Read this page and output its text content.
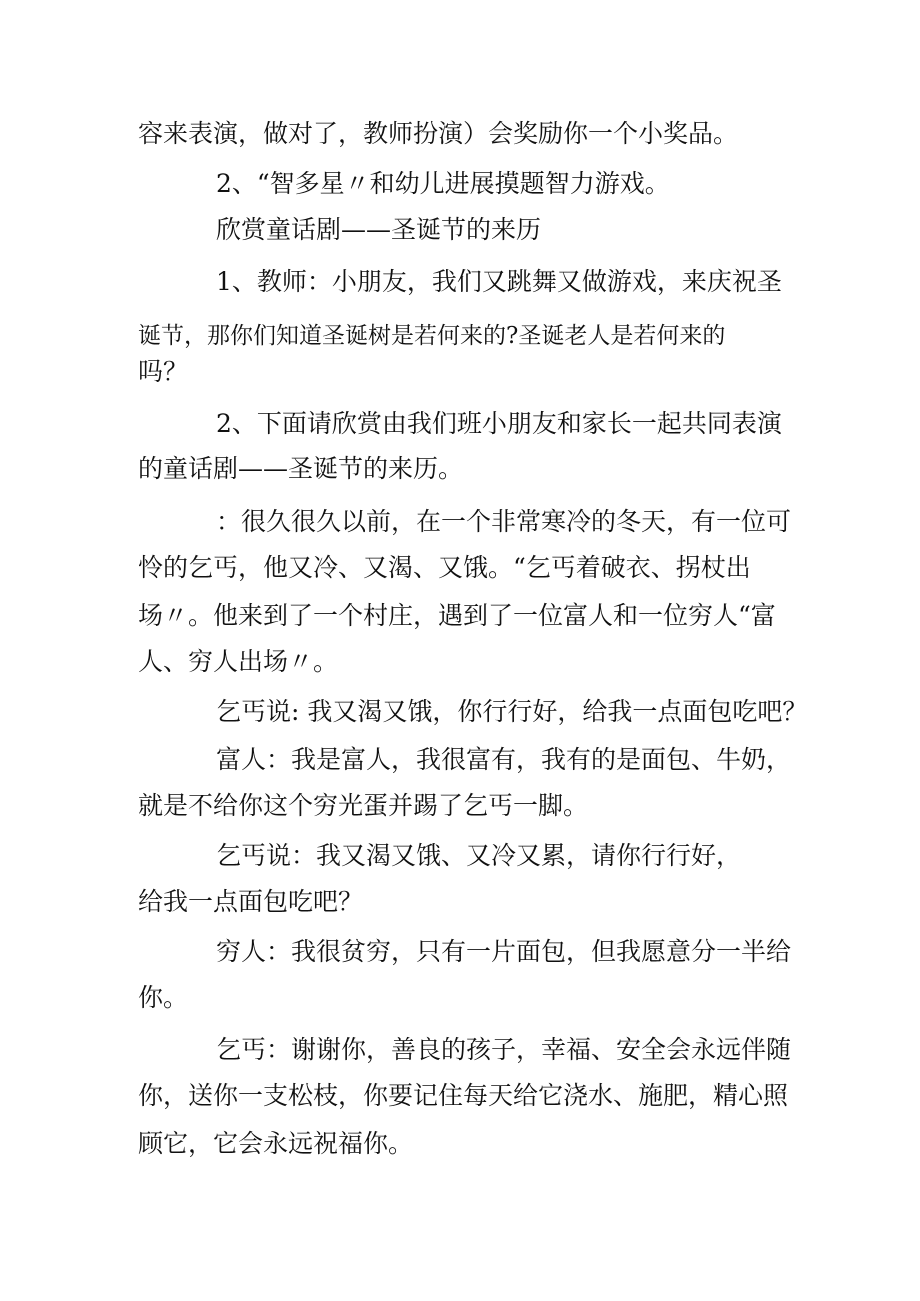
容来表演，做对了，教师扮演）会奖励你一个小奖品。
2、“智多星〃和幼儿进展摸题智力游戏。
欣赏童话剧——圣诞节的来历
1、教师：小朋友，我们又跳舞又做游戏，来庆祝圣
诞节，那你们知道圣诞树是若何来的?圣诞老人是若何来的
吗？
2、下面请欣赏由我们班小朋友和家长一起共同表演
的童话剧——圣诞节的来历。
：很久很久以前，在一个非常寒冷的冬天，有一位可
怜的乞丐，他又冷、又渴、又饿。“乞丐着破衣、拐杖出
场〃。他来到了一个村庄，遇到了一位富人和一位穷人“富
人、穷人出场〃。
乞丐说: 我又渴又饿，你行行好，给我一点面包吃吧？
富人：我是富人，我很富有，我有的是面包、牛奶，
就是不给你这个穷光蛋并踢了乞丐一脚。
乞丐说：我又渴又饿、又冷又累，请你行行好，
给我一点面包吃吧？
穷人：我很贫穷，只有一片面包，但我愿意分一半给
你。
乞丐：谢谢你，善良的孩子，幸福、安全会永远伴随
你，送你一支松枝，你要记住每天给它浇水、施肥，精心照
顾它，它会永远祝福你。
